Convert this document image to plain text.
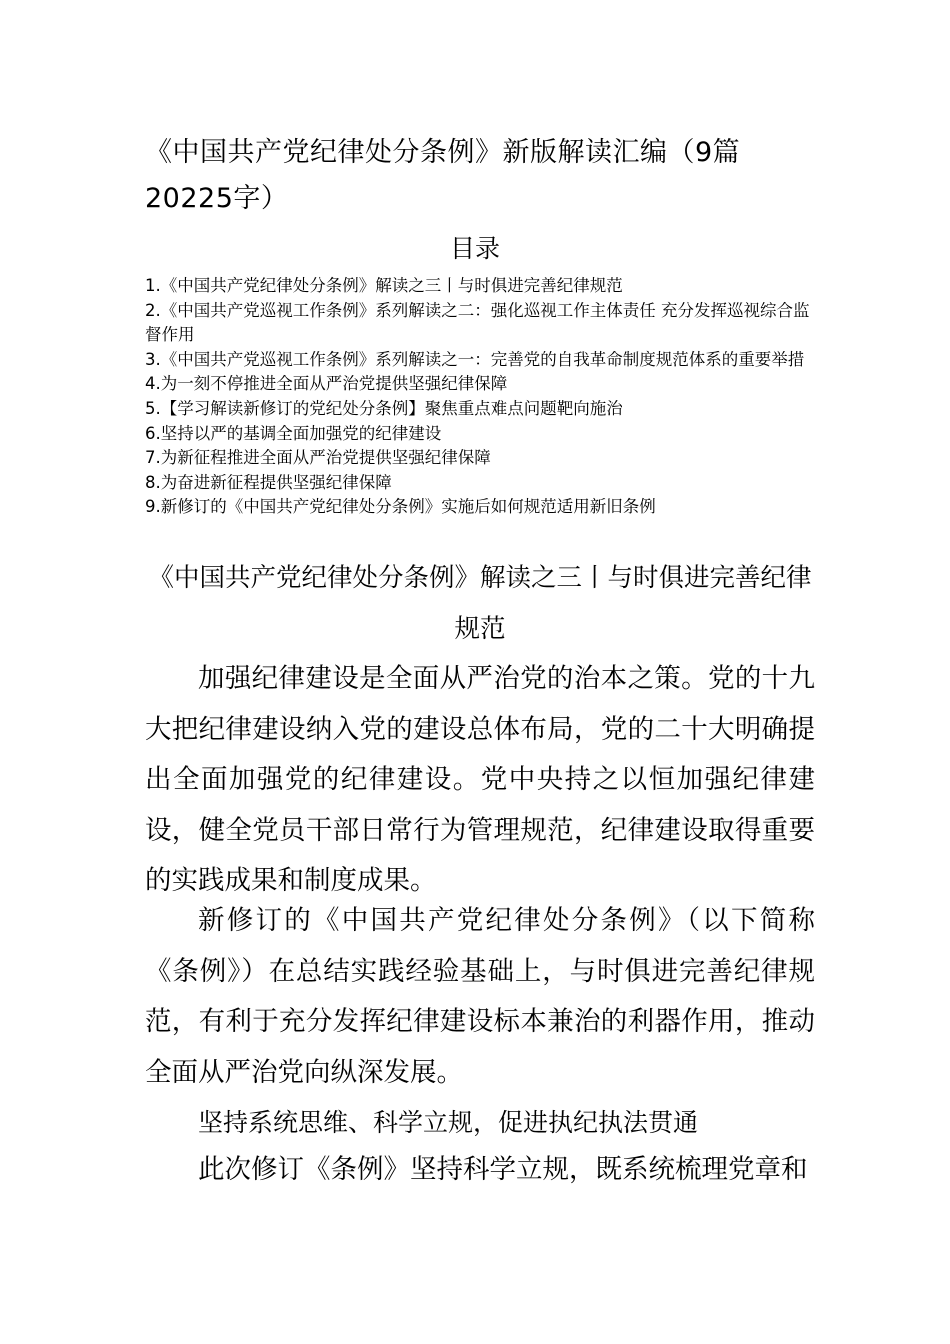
《中国共产党纪律处分条例》新版解读汇编（9篇20225字）
目录
1.《中国共产党纪律处分条例》解读之三丨与时俱进完善纪律规范
2.《中国共产党巡视工作条例》系列解读之二：强化巡视工作主体责任 充分发挥巡视综合监督作用
3.《中国共产党巡视工作条例》系列解读之一：完善党的自我革命制度规范体系的重要举措
4.为一刻不停推进全面从严治党提供坚强纪律保障
5.【学习解读新修订的党纪处分条例】聚焦重点难点问题靶向施治
6.坚持以严的基调全面加强党的纪律建设
7.为新征程推进全面从严治党提供坚强纪律保障
8.为奋进新征程提供坚强纪律保障
9.新修订的《中国共产党纪律处分条例》实施后如何规范适用新旧条例
《中国共产党纪律处分条例》解读之三丨与时俱进完善纪律规范

加强纪律建设是全面从严治党的治本之策。党的十九大把纪律建设纳入党的建设总体布局，党的二十大明确提出全面加强党的纪律建设。党中央持之以恒加强纪律建设，健全党员干部日常行为管理规范，纪律建设取得重要的实践成果和制度成果。

新修订的《中国共产党纪律处分条例》（以下简称《条例》）在总结实践经验基础上，与时俱进完善纪律规范，有利于充分发挥纪律建设标本兼治的利器作用，推动全面从严治党向纵深发展。

坚持系统思维、科学立规，促进执纪执法贯通

此次修订《条例》坚持科学立规，既系统梳理党章和
